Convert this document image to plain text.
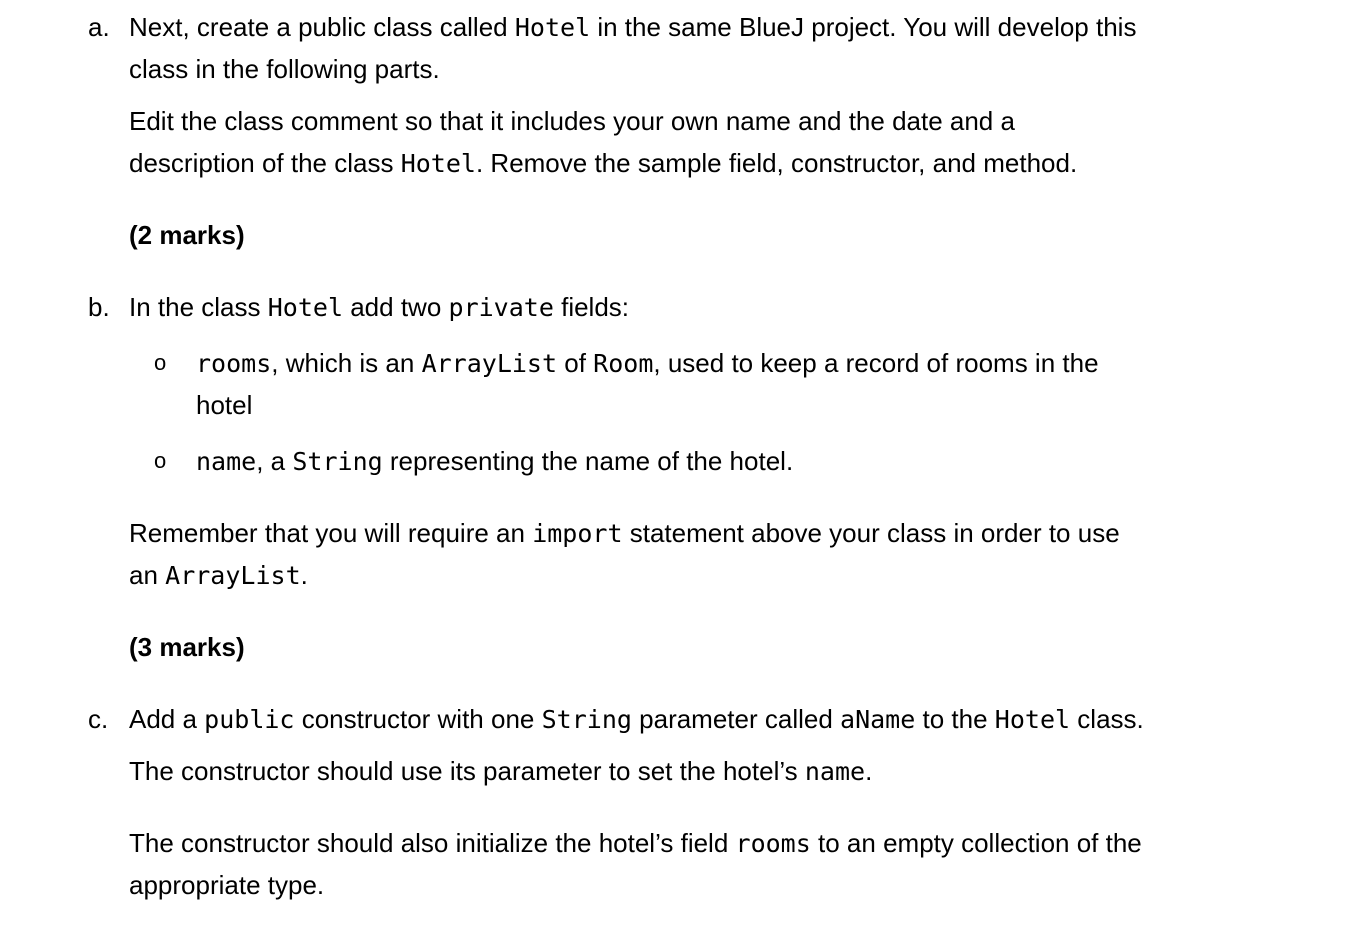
a. Next, create a public class called Hotel in the same BlueJ project. You will develop this
class in the following parts.
Edit the class comment so that it includes your own name and the date and a
description of the class Hotel. Remove the sample field, constructor, and method.
(2 marks)
b. In the class Hotel add two private fields:
o rooms, which is an ArrayList of Room, used to keep a record of rooms in the
hotel
o name, a String representing the name of the hotel.
Remember that you will require an import statement above your class in order to use
an ArrayList.
(3 marks)
c. Add a public constructor with one String parameter called aName to the Hotel class.
The constructor should use its parameter to set the hotel’s name.
The constructor should also initialize the hotel’s field rooms to an empty collection of the
appropriate type.
